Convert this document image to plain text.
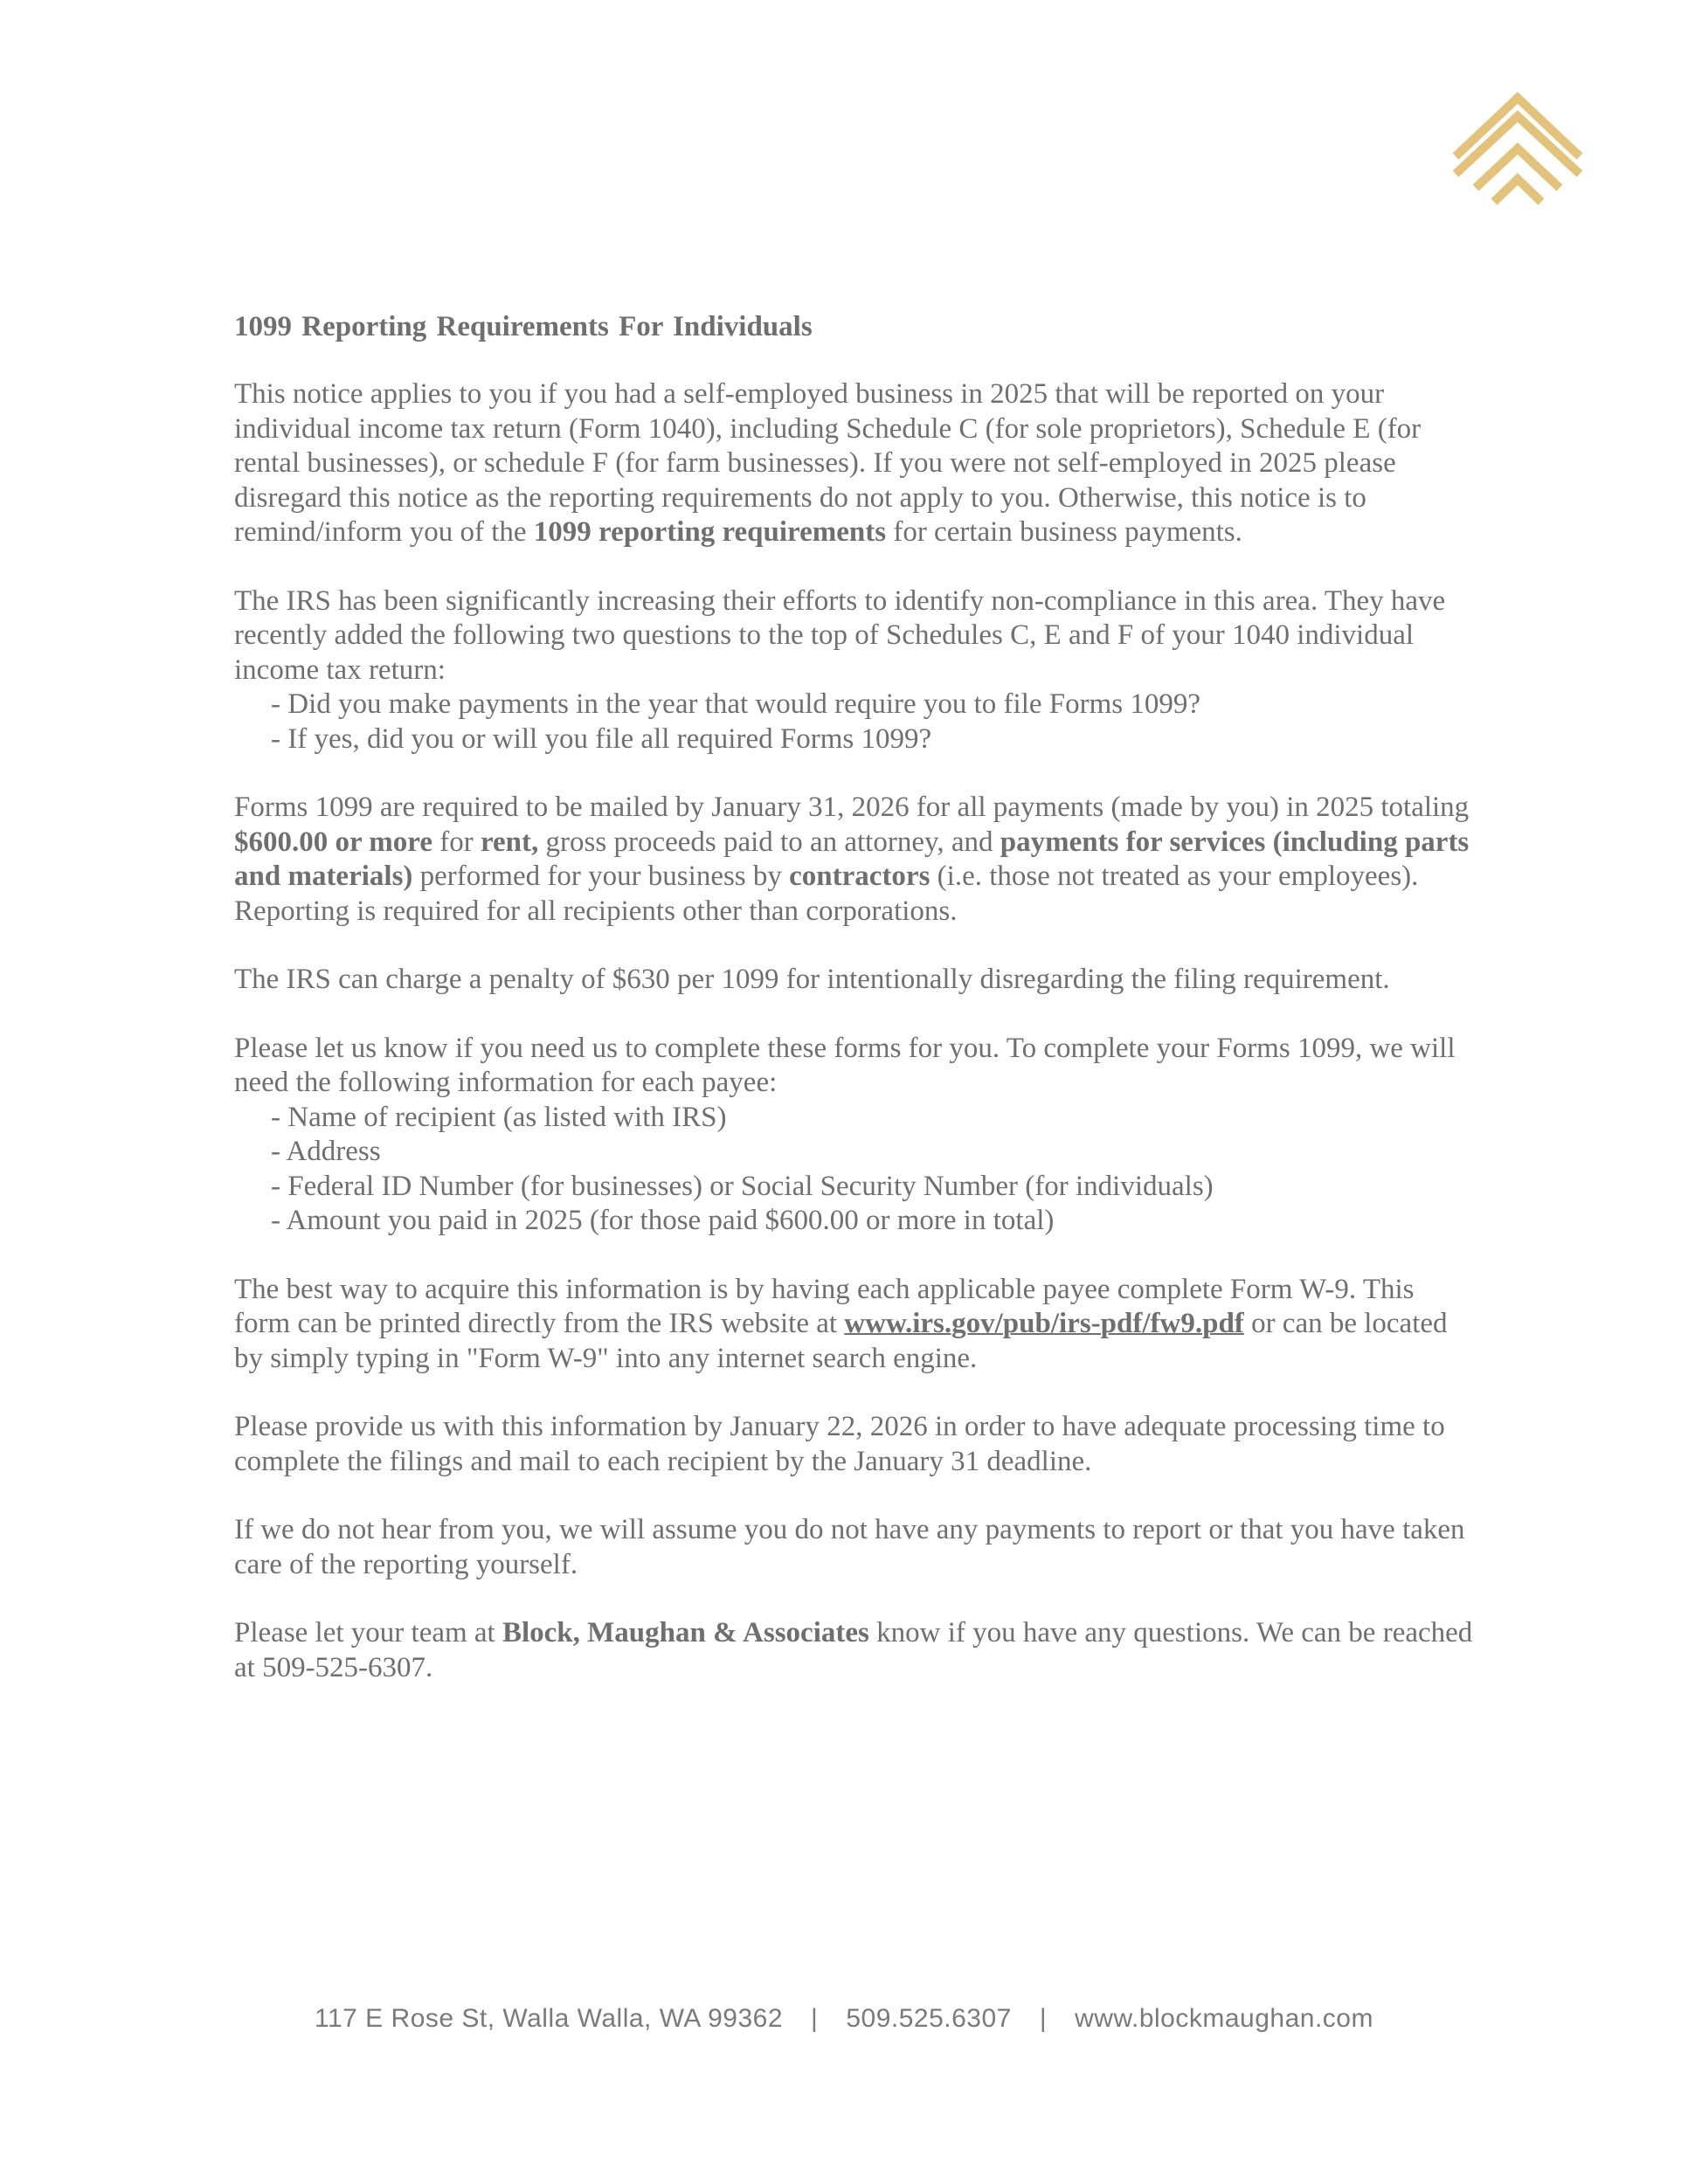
1099 Reporting Requirements For Individuals

This notice applies to you if you had a self-employed business in 2025 that will be reported on your individual income tax return (Form 1040), including Schedule C (for sole proprietors), Schedule E (for rental businesses), or schedule F (for farm businesses). If you were not self-employed in 2025 please disregard this notice as the reporting requirements do not apply to you. Otherwise, this notice is to remind/inform you of the 1099 reporting requirements for certain business payments.

The IRS has been significantly increasing their efforts to identify non-compliance in this area. They have recently added the following two questions to the top of Schedules C, E and F of your 1040 individual income tax return:

- Did you make payments in the year that would require you to file Forms 1099?
- If yes, did you or will you file all required Forms 1099?

Forms 1099 are required to be mailed by January 31, 2026 for all payments (made by you) in 2025 totaling $600.00 or more for rent, gross proceeds paid to an attorney, and payments for services (including parts and materials) performed for your business by contractors (i.e. those not treated as your employees). Reporting is required for all recipients other than corporations.

The IRS can charge a penalty of $630 per 1099 for intentionally disregarding the filing requirement.

Please let us know if you need us to complete these forms for you. To complete your Forms 1099, we will need the following information for each payee:

- Name of recipient (as listed with IRS)
- Address
- Federal ID Number (for businesses) or Social Security Number (for individuals)
- Amount you paid in 2025 (for those paid $600.00 or more in total)

The best way to acquire this information is by having each applicable payee complete Form W-9. This form can be printed directly from the IRS website at www.irs.gov/pub/irs-pdf/fw9.pdf or can be located by simply typing in "Form W-9" into any internet search engine.

Please provide us with this information by January 22, 2026 in order to have adequate processing time to complete the filings and mail to each recipient by the January 31 deadline.

If we do not hear from you, we will assume you do not have any payments to report or that you have taken care of the reporting yourself.

Please let your team at Block, Maughan & Associates know if you have any questions. We can be reached at 509-525-6307.

117 E Rose St, Walla Walla, WA 99362 | 509.525.6307 | www.blockmaughan.com
